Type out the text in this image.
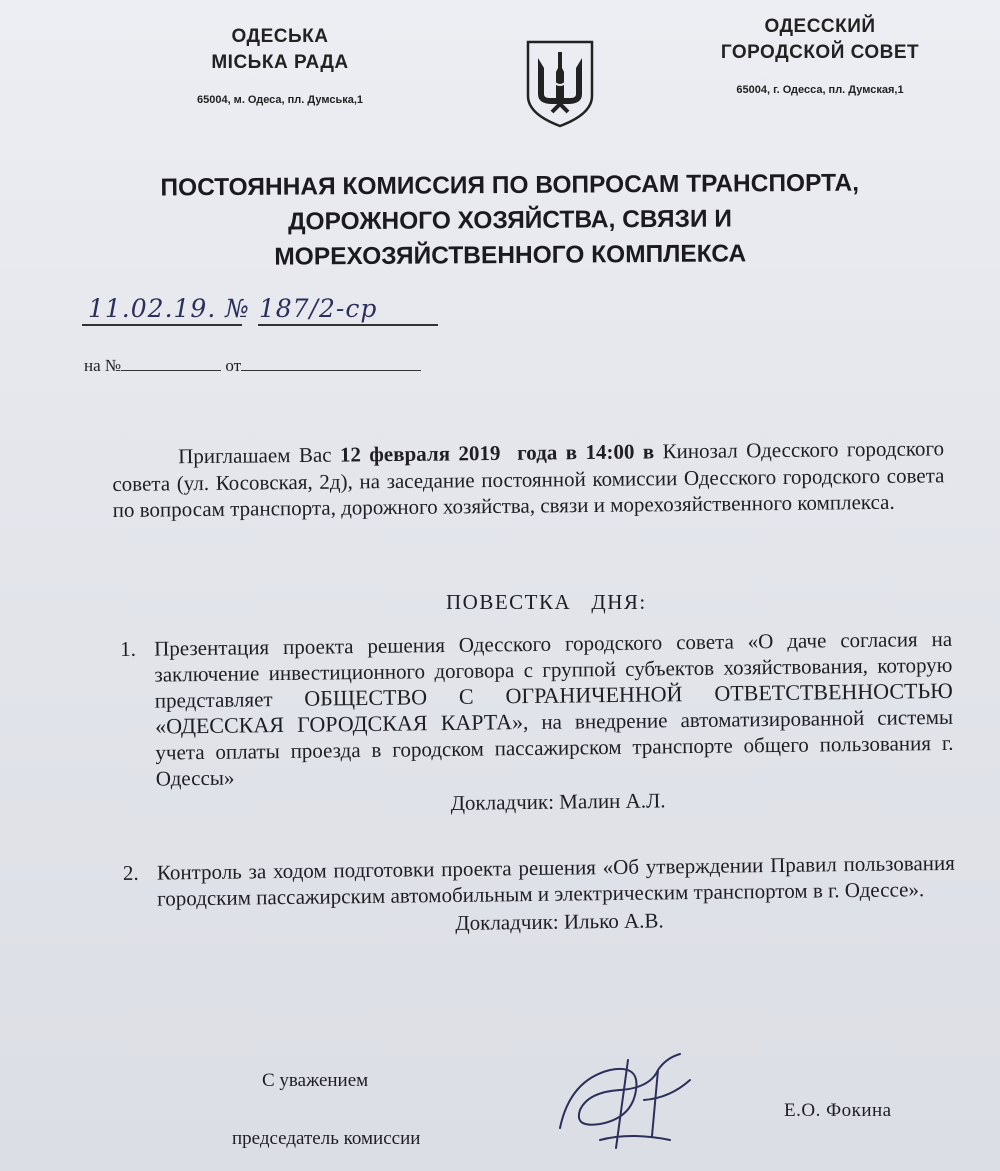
ОДЕСЬКА
МІСЬКА РАДА
65004, м. Одеса, пл. Думська,1
ОДЕССКИЙ
ГОРОДСКОЙ СОВЕТ
65004, г. Одесса, пл. Думская,1
ПОСТОЯННАЯ КОМИССИЯ ПО ВОПРОСАМ ТРАНСПОРТА,
ДОРОЖНОГО ХОЗЯЙСТВА, СВЯЗИ И
МОРЕХОЗЯЙСТВЕННОГО КОМПЛЕКСА
11.02.19. № 187/2-ср
на №	от

Приглашаем Вас 12 февраля 2019 года в 14:00 в Кинозал Одесского городского совета (ул. Косовская, 2д), на заседание постоянной комиссии Одесского городского совета по вопросам транспорта, дорожного хозяйства, связи и морехозяйственного комплекса.

ПОВЕСТКА   ДНЯ:
1. Презентация проекта решения Одесского городского совета «О даче согласия на заключение инвестиционного договора с группой субъектов хозяйствования, которую представляет ОБЩЕСТВО С ОГРАНИЧЕННОЙ ОТВЕТСТВЕННОСТЬЮ «ОДЕССКАЯ ГОРОДСКАЯ КАРТА», на внедрение автоматизированной системы учета оплаты проезда в городском пассажирском транспорте общего пользования г. Одессы»
Докладчик: Малин А.Л.
2. Контроль за ходом подготовки проекта решения «Об утверждении Правил пользования городским пассажирским автомобильным и электрическим транспортом в г. Одессе».
Докладчик: Илько А.В.
С уважением
председатель комиссии
Е.О. Фокина
